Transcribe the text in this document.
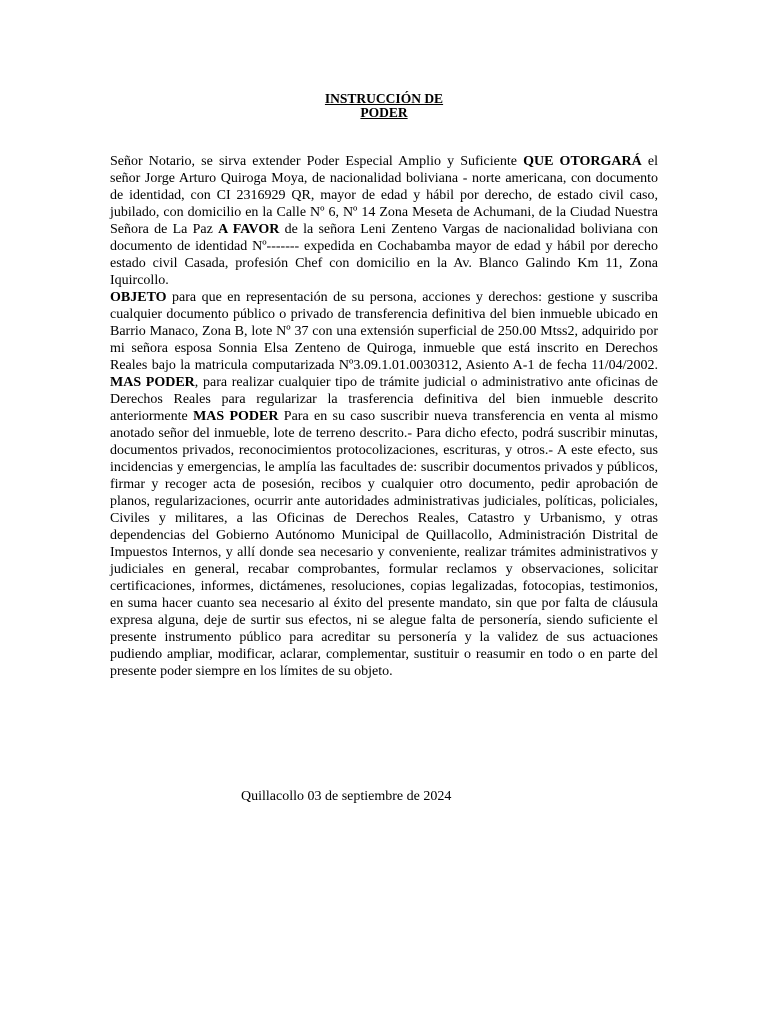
INSTRUCCIÓN DE
PODER

Señor Notario, se sirva extender Poder Especial Amplio y Suficiente QUE OTORGARÁ el señor Jorge Arturo Quiroga Moya, de nacionalidad boliviana - norte americana, con documento de identidad, con CI 2316929 QR, mayor de edad y hábil por derecho, de estado civil caso, jubilado, con domicilio en la Calle Nº 6, Nº 14 Zona Meseta de Achumani, de la Ciudad Nuestra Señora de La Paz A FAVOR de la señora Leni Zenteno Vargas de nacionalidad boliviana con documento de identidad Nº------- expedida en Cochabamba mayor de edad y hábil por derecho estado civil Casada, profesión Chef con domicilio en la Av. Blanco Galindo Km 11, Zona Iquircollo.

OBJETO para que en representación de su persona, acciones y derechos: gestione y suscriba cualquier documento público o privado de transferencia definitiva del bien inmueble ubicado en Barrio Manaco, Zona B, lote Nº 37 con una extensión superficial de 250.00 Mtss2, adquirido por mi señora esposa Sonnia Elsa Zenteno de Quiroga, inmueble que está inscrito en Derechos Reales bajo la matricula computarizada Nº3.09.1.01.0030312, Asiento A-1 de fecha 11/04/2002. MAS PODER, para realizar cualquier tipo de trámite judicial o administrativo ante oficinas de Derechos Reales para regularizar la trasferencia definitiva del bien inmueble descrito anteriormente MAS PODER Para en su caso suscribir nueva transferencia en venta al mismo anotado señor del inmueble, lote de terreno descrito.- Para dicho efecto, podrá suscribir minutas, documentos privados, reconocimientos protocolizaciones, escrituras, y otros.- A este efecto, sus incidencias y emergencias, le amplía las facultades de: suscribir documentos privados y públicos, firmar y recoger acta de posesión, recibos y cualquier otro documento, pedir aprobación de planos, regularizaciones, ocurrir ante autoridades administrativas judiciales, políticas, policiales, Civiles y militares, a las Oficinas de Derechos Reales, Catastro y Urbanismo, y otras dependencias del Gobierno Autónomo Municipal de Quillacollo, Administración Distrital de Impuestos Internos, y allí donde sea necesario y conveniente, realizar trámites administrativos y judiciales en general, recabar comprobantes, formular reclamos y observaciones, solicitar certificaciones, informes, dictámenes, resoluciones, copias legalizadas, fotocopias, testimonios, en suma hacer cuanto sea necesario al éxito del presente mandato, sin que por falta de cláusula expresa alguna, deje de surtir sus efectos, ni se alegue falta de personería, siendo suficiente el presente instrumento público para acreditar su personería y la validez de sus actuaciones pudiendo ampliar, modificar, aclarar, complementar, sustituir o reasumir en todo o en parte del presente poder siempre en los límites de su objeto.

Quillacollo 03 de septiembre de 2024
